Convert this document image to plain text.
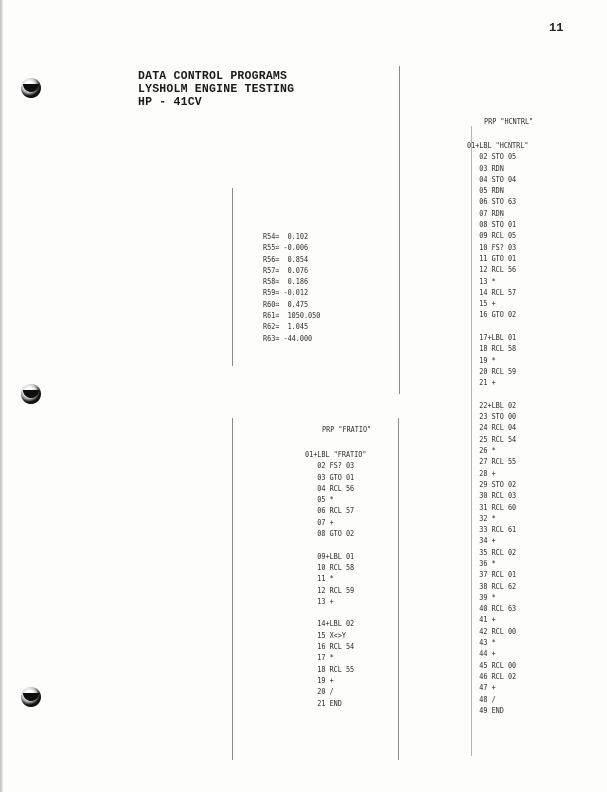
11
DATA CONTROL PROGRAMS
LYSHOLM ENGINE TESTING
HP - 41CV
R54=  0.102
R55= -0.006
R56=  0.854
R57=  0.076
R58=  0.186
R59= -0.012
R60=  0.475
R61=  1050.050
R62=  1.045
R63= -44.000
PRP "FRATIO"
01+LBL "FRATIO"
02 FS? 03
03 GTO 01
04 RCL 56
05 *
06 RCL 57
07 +
08 GTO 02
09+LBL 01
10 RCL 58
11 *
12 RCL 59
13 +
14+LBL 02
15 X<>Y
16 RCL 54
17 *
18 RCL 55
19 +
20 /
21 END
PRP "HCNTRL"
01+LBL "HCNTRL"
02 STO 05
03 RDN
04 STO 04
05 RDN
06 STO 63
07 RDN
08 STO 01
09 RCL 05
10 FS? 03
11 GTO 01
12 RCL 56
13 *
14 RCL 57
15 +
16 GTO 02
17+LBL 01
18 RCL 58
19 *
20 RCL 59
21 +
22+LBL 02
23 STO 00
24 RCL 04
25 RCL 54
26 *
27 RCL 55
28 +
29 STO 02
30 RCL 03
31 RCL 60
32 *
33 RCL 61
34 +
35 RCL 02
36 *
37 RCL 01
38 RCL 62
39 *
40 RCL 63
41 +
42 RCL 00
43 *
44 +
45 RCL 00
46 RCL 02
47 +
48 /
49 END
